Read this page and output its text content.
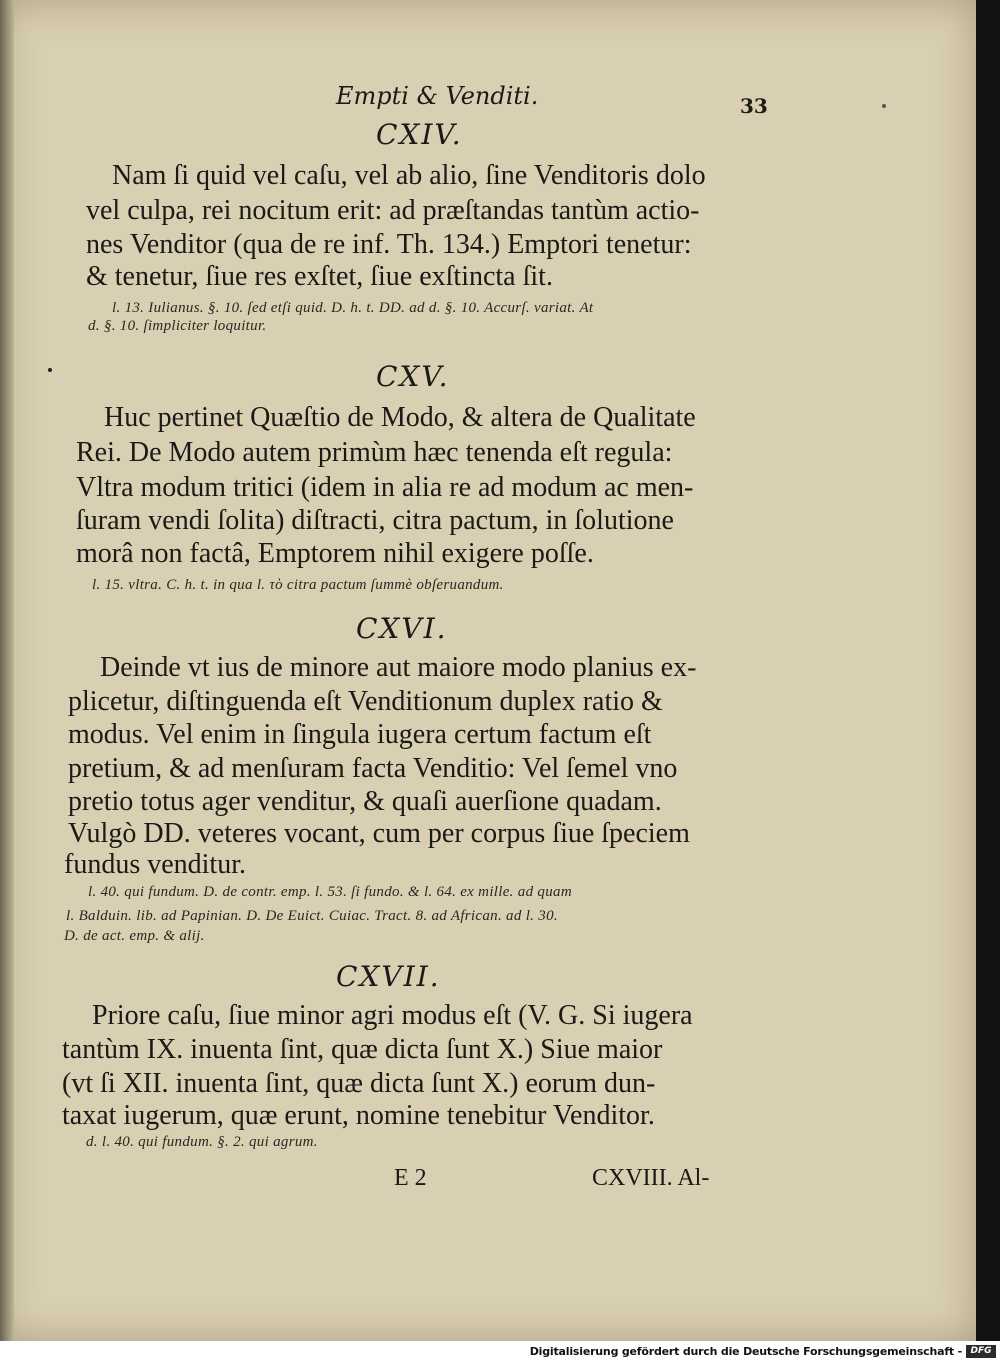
Empti & Venditi.	33
CXIV.
Nam ſi quid vel caſu, vel ab alio, ſine Venditoris dolo
vel culpa, rei nocitum erit: ad præſtandas tantùm actio-
nes Venditor (qua de re inf. Th. 134.) Emptori tenetur:
& tenetur, ſiue res exſtet, ſiue exſtincta ſit.
l. 13. Iulianus. §. 10. ſed etſi quid. D. h. t. DD. ad d. §. 10. Accurſ. variat. At
d. §. 10. ſimpliciter loquitur.
CXV.
Huc pertinet Quæſtio de Modo, & altera de Qualitate
Rei. De Modo autem primùm hæc tenenda eſt regula:
Vltra modum tritici (idem in alia re ad modum ac men-
ſuram vendi ſolita) diſtracti, citra pactum, in ſolutione
morâ non factâ, Emptorem nihil exigere poſſe.
l. 15. vltra. C. h. t. in qua l. τὸ citra pactum ſummè obſeruandum.
CXVI.
Deinde vt ius de minore aut maiore modo planius ex-
plicetur, diſtinguenda eſt Venditionum duplex ratio &
modus. Vel enim in ſingula iugera certum factum eſt
pretium, & ad menſuram facta Venditio: Vel ſemel vno
pretio totus ager venditur, & quaſi auerſione quadam.
Vulgò DD. veteres vocant, cum per corpus ſiue ſpeciem
fundus venditur.
l. 40. qui fundum. D. de contr. emp. l. 53. ſi fundo. & l. 64. ex mille. ad quam
l. Balduin. lib. ad Papinian. D. De Euict. Cuiac. Tract. 8. ad African. ad l. 30.
D. de act. emp. & alij.
CXVII.
Priore caſu, ſiue minor agri modus eſt (V. G. Si iugera
tantùm IX. inuenta ſint, quæ dicta ſunt X.) Siue maior
(vt ſi XII. inuenta ſint, quæ dicta ſunt X.) eorum dun-
taxat iugerum, quæ erunt, nomine tenebitur Venditor.
d. l. 40. qui fundum. §. 2. qui agrum.
E 2	CXVIII. Al-
Digitalisierung gefördert durch die Deutsche Forschungsgemeinschaft - DFG
